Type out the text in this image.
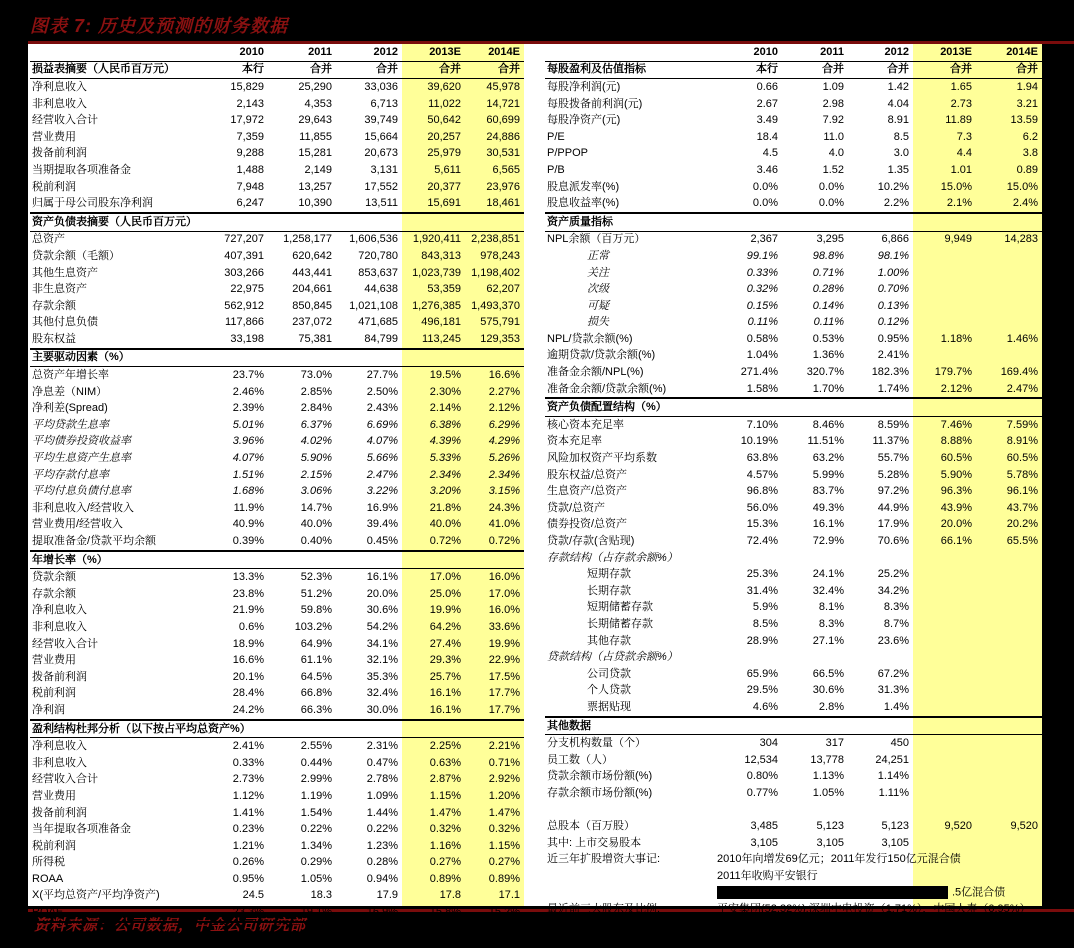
图表 7: 历史及预测的财务数据
	2010	2011	2012	2013E	2014E
损益表摘要（人民币百万元）	本行	合并	合并	合并	合并
净利息收入	15,829	25,290	33,036	39,620	45,978
非利息收入	2,143	4,353	6,713	11,022	14,721
经营收入合计	17,972	29,643	39,749	50,642	60,699
营业费用	7,359	11,855	15,664	20,257	24,886
拨备前利润	9,288	15,281	20,673	25,979	30,531
当期提取各项准备金	1,488	2,149	3,131	5,611	6,565
税前利润	7,948	13,257	17,552	20,377	23,976
归属于母公司股东净利润	6,247	10,390	13,511	15,691	18,461
资产负债表摘要（人民币百万元）					
总资产	727,207	1,258,177	1,606,536	1,920,411	2,238,851
贷款余额（毛额）	407,391	620,642	720,780	843,313	978,243
其他生息资产	303,266	443,441	853,637	1,023,739	1,198,402
非生息资产	22,975	204,661	44,638	53,359	62,207
存款余额	562,912	850,845	1,021,108	1,276,385	1,493,370
其他付息负债	117,866	237,072	471,685	496,181	575,791
股东权益	33,198	75,381	84,799	113,245	129,353
主要驱动因素（%）					
总资产年增长率	23.7%	73.0%	27.7%	19.5%	16.6%
净息差（NIM）	2.46%	2.85%	2.50%	2.30%	2.27%
净利差(Spread)	2.39%	2.84%	2.43%	2.14%	2.12%
平均贷款生息率	5.01%	6.37%	6.69%	6.38%	6.29%
平均债券投资收益率	3.96%	4.02%	4.07%	4.39%	4.29%
平均生息资产生息率	4.07%	5.90%	5.66%	5.33%	5.26%
平均存款付息率	1.51%	2.15%	2.47%	2.34%	2.34%
平均付息负债付息率	1.68%	3.06%	3.22%	3.20%	3.15%
非利息收入/经营收入	11.9%	14.7%	16.9%	21.8%	24.3%
营业费用/经营收入	40.9%	40.0%	39.4%	40.0%	41.0%
提取准备金/贷款平均余额	0.39%	0.40%	0.45%	0.72%	0.72%
年增长率（%）					
贷款余额	13.3%	52.3%	16.1%	17.0%	16.0%
存款余额	23.8%	51.2%	20.0%	25.0%	17.0%
净利息收入	21.9%	59.8%	30.6%	19.9%	16.0%
非利息收入	0.6%	103.2%	54.2%	64.2%	33.6%
经营收入合计	18.9%	64.9%	34.1%	27.4%	19.9%
营业费用	16.6%	61.1%	32.1%	29.3%	22.9%
拨备前利润	20.1%	64.5%	35.3%	25.7%	17.5%
税前利润	28.4%	66.8%	32.4%	16.1%	17.7%
净利润	24.2%	66.3%	30.0%	16.1%	17.7%
盈利结构杜邦分析（以下按占平均总资产%）					
净利息收入	2.41%	2.55%	2.31%	2.25%	2.21%
非利息收入	0.33%	0.44%	0.47%	0.63%	0.71%
经营收入合计	2.73%	2.99%	2.78%	2.87%	2.92%
营业费用	1.12%	1.19%	1.09%	1.15%	1.20%
拨备前利润	1.41%	1.54%	1.44%	1.47%	1.47%
当年提取各项准备金	0.23%	0.22%	0.22%	0.32%	0.32%
税前利润	1.21%	1.34%	1.23%	1.16%	1.15%
所得税	0.26%	0.29%	0.28%	0.27%	0.27%
ROAA	0.95%	1.05%	0.94%	0.89%	0.89%
X(平均总资产/平均净资产)	24.5	18.3	17.9	17.8	17.1
ROAE	23.3%	19.1%	16.9%	15.8%	15.2%
	2010	2011	2012	2013E	2014E
每股盈利及估值指标	本行	合并	合并	合并	合并
每股净利润(元)	0.66	1.09	1.42	1.65	1.94
每股拨备前利润(元)	2.67	2.98	4.04	2.73	3.21
每股净资产(元)	3.49	7.92	8.91	11.89	13.59
P/E	18.4	11.0	8.5	7.3	6.2
P/PPOP	4.5	4.0	3.0	4.4	3.8
P/B	3.46	1.52	1.35	1.01	0.89
股息派发率(%)	0.0%	0.0%	10.2%	15.0%	15.0%
股息收益率(%)	0.0%	0.0%	2.2%	2.1%	2.4%
资产质量指标					
NPL余额（百万元）	2,367	3,295	6,866	9,949	14,283
正常	99.1%	98.8%	98.1%		
关注	0.33%	0.71%	1.00%		
次级	0.32%	0.28%	0.70%		
可疑	0.15%	0.14%	0.13%		
损失	0.11%	0.11%	0.12%		
NPL/贷款余额(%)	0.58%	0.53%	0.95%	1.18%	1.46%
逾期贷款/贷款余额(%)	1.04%	1.36%	2.41%		
准备金余额/NPL(%)	271.4%	320.7%	182.3%	179.7%	169.4%
准备金余额/贷款余额(%)	1.58%	1.70%	1.74%	2.12%	2.47%
资产负债配置结构（%）					
核心资本充足率	7.10%	8.46%	8.59%	7.46%	7.59%
资本充足率	10.19%	11.51%	11.37%	8.88%	8.91%
风险加权资产平均系数	63.8%	63.2%	55.7%	60.5%	60.5%
股东权益/总资产	4.57%	5.99%	5.28%	5.90%	5.78%
生息资产/总资产	96.8%	83.7%	97.2%	96.3%	96.1%
贷款/总资产	56.0%	49.3%	44.9%	43.9%	43.7%
债券投资/总资产	15.3%	16.1%	17.9%	20.0%	20.2%
贷款/存款(含贴现)	72.4%	72.9%	70.6%	66.1%	65.5%
存款结构（占存款余额%）					
短期存款	25.3%	24.1%	25.2%		
长期存款	31.4%	32.4%	34.2%		
短期储蓄存款	5.9%	8.1%	8.3%		
长期储蓄存款	8.5%	8.3%	8.7%		
其他存款	28.9%	27.1%	23.6%		
贷款结构（占贷款余额%）					
公司贷款	65.9%	66.5%	67.2%		
个人贷款	29.5%	30.6%	31.3%		
票据贴现	4.6%	2.8%	1.4%		
其他数据					
分支机构数量（个）	304	317	450		
员工数（人）	12,534	13,778	24,251		
贷款余额市场份额(%)	0.80%	1.13%	1.14%		
存款余额市场份额(%)	0.77%	1.05%	1.11%		

总股本（百万股）	3,485	5,123	5,123	9,520	9,520
其中: 上市交易股本	3,105	3,105	3,105		
近三年扩股增资大事记:	2010年向增发69亿元；2011年发行150亿元混合债				
	2011年收购平安银行				
	.5亿混合债				
最近前三大股东及比例:	平安集团(52.32%),深圳中电投资（1.71%），中国人寿（0.95%）				
资料来源：公司数据，中金公司研究部
